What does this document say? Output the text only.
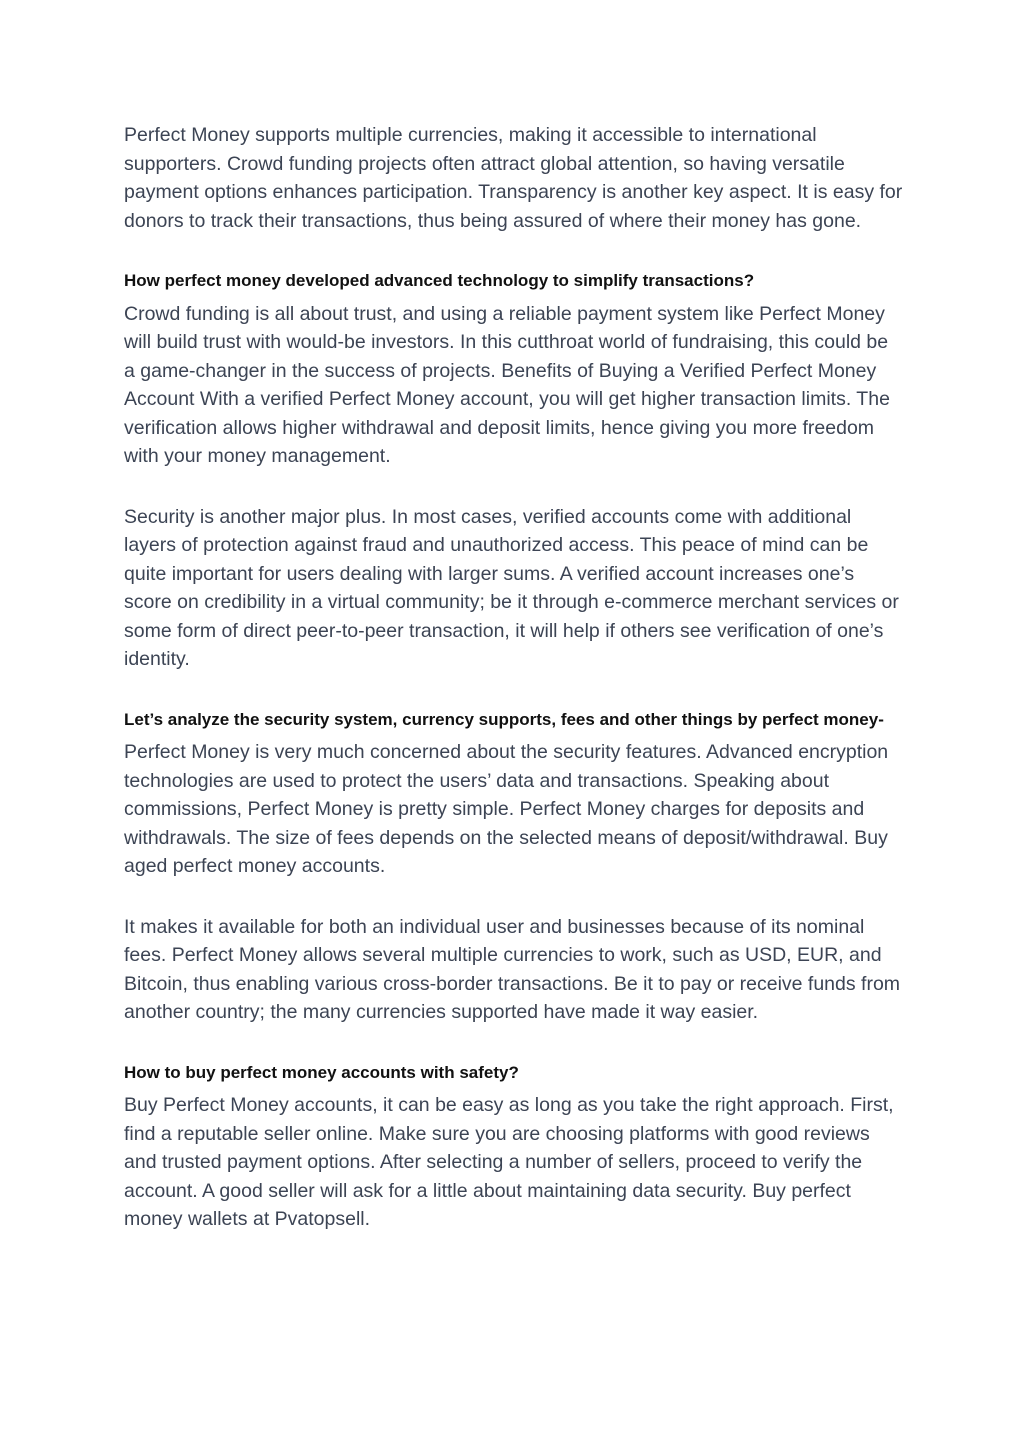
Perfect Money supports multiple currencies, making it accessible to international supporters. Crowd funding projects often attract global attention, so having versatile payment options enhances participation. Transparency is another key aspect. It is easy for donors to track their transactions, thus being assured of where their money has gone.

How perfect money developed advanced technology to simplify transactions?

Crowd funding is all about trust, and using a reliable payment system like Perfect Money will build trust with would-be investors. In this cutthroat world of fundraising, this could be a game-changer in the success of projects. Benefits of Buying a Verified Perfect Money Account With a verified Perfect Money account, you will get higher transaction limits. The verification allows higher withdrawal and deposit limits, hence giving you more freedom with your money management.

Security is another major plus. In most cases, verified accounts come with additional layers of protection against fraud and unauthorized access. This peace of mind can be quite important for users dealing with larger sums. A verified account increases one’s score on credibility in a virtual community; be it through e-commerce merchant services or some form of direct peer-to-peer transaction, it will help if others see verification of one’s identity.

Let’s analyze the security system, currency supports, fees and other things by perfect money-

Perfect Money is very much concerned about the security features. Advanced encryption technologies are used to protect the users’ data and transactions. Speaking about commissions, Perfect Money is pretty simple. Perfect Money charges for deposits and withdrawals. The size of fees depends on the selected means of deposit/withdrawal. Buy aged perfect money accounts.

It makes it available for both an individual user and businesses because of its nominal fees. Perfect Money allows several multiple currencies to work, such as USD, EUR, and Bitcoin, thus enabling various cross-border transactions. Be it to pay or receive funds from another country; the many currencies supported have made it way easier.

How to buy perfect money accounts with safety?

Buy Perfect Money accounts, it can be easy as long as you take the right approach. First, find a reputable seller online. Make sure you are choosing platforms with good reviews and trusted payment options. After selecting a number of sellers, proceed to verify the account. A good seller will ask for a little about maintaining data security. Buy perfect money wallets at Pvatopsell.
